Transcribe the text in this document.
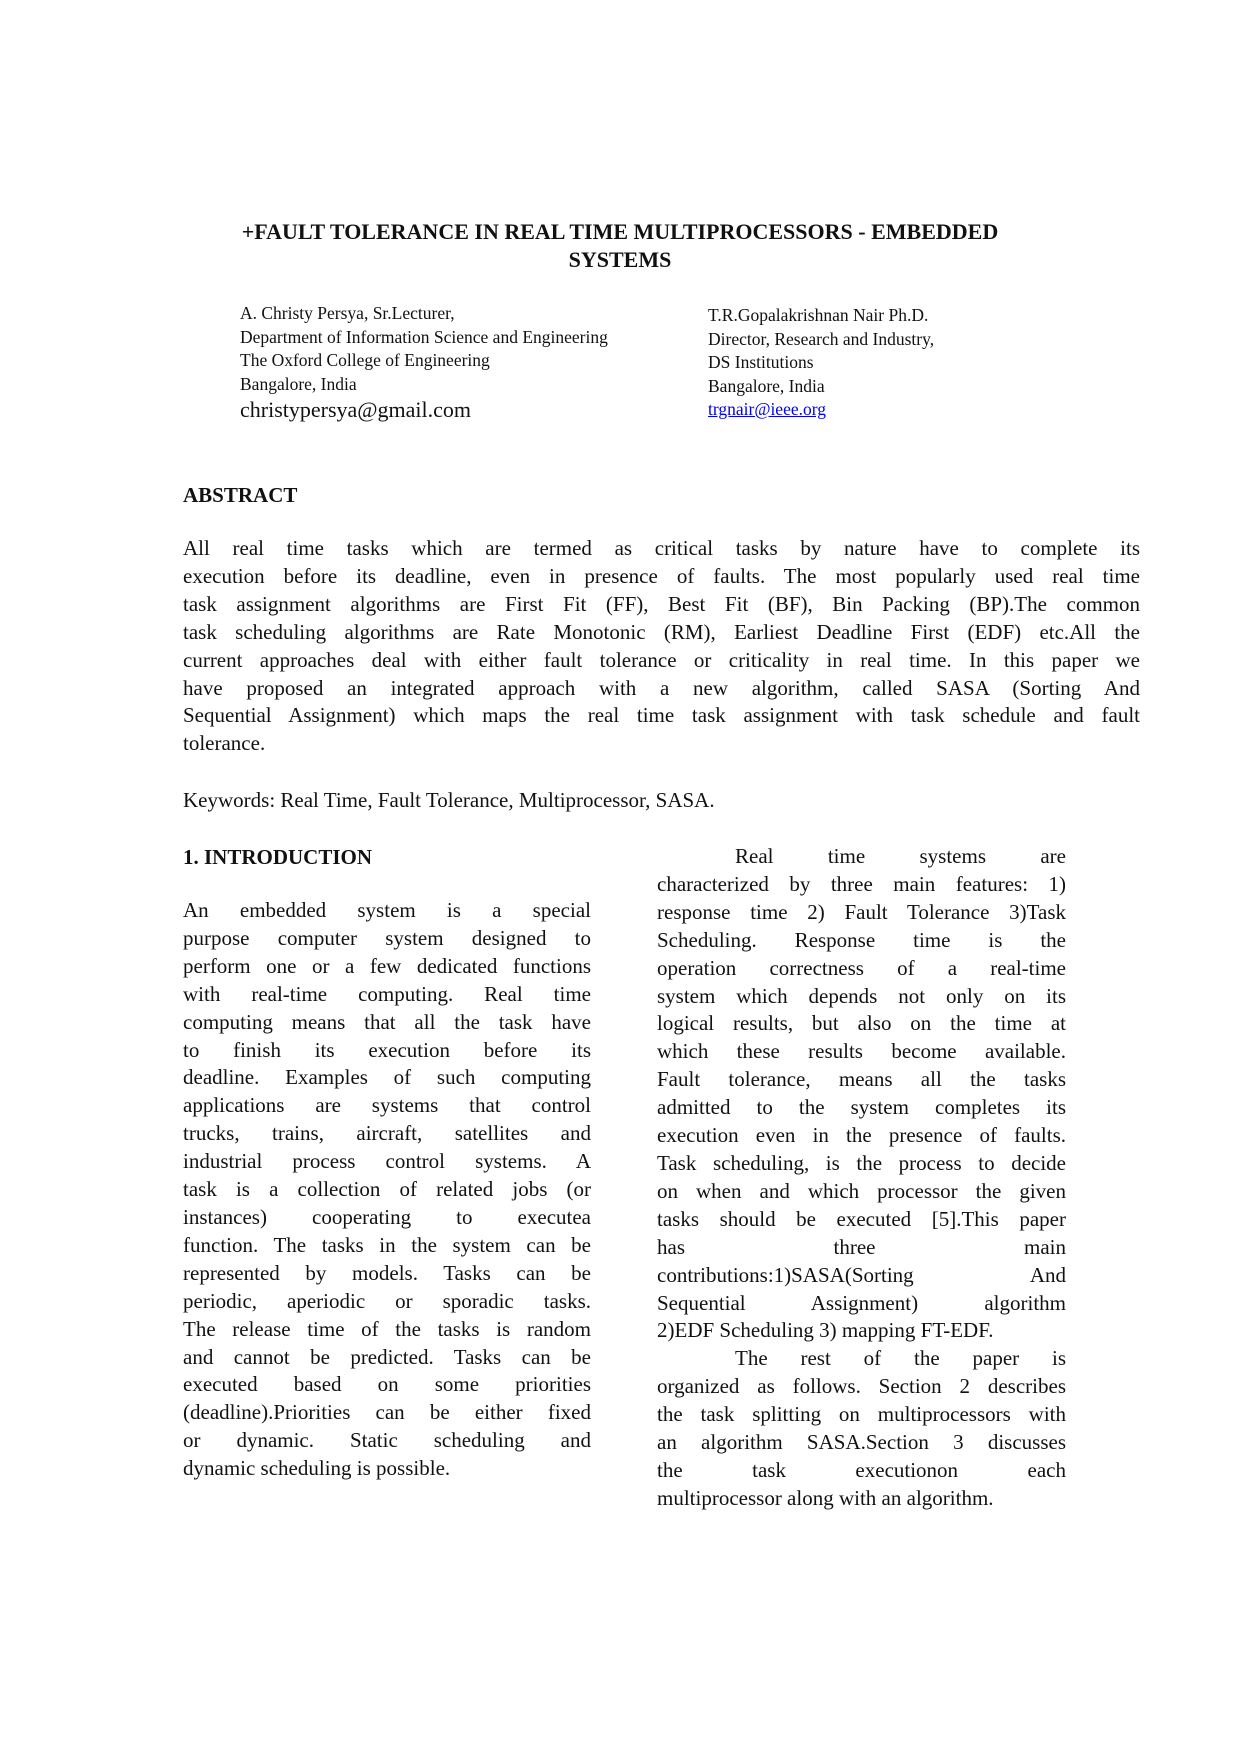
+FAULT TOLERANCE IN REAL TIME MULTIPROCESSORS - EMBEDDED
SYSTEMS
A. Christy Persya, Sr.Lecturer,
Department of Information Science and Engineering
The Oxford College of Engineering
Bangalore, India
christypersya@gmail.com
T.R.Gopalakrishnan Nair Ph.D.
Director, Research and Industry,
DS Institutions
Bangalore, India
trgnair@ieee.org
ABSTRACT
All real time tasks which are termed as critical tasks by nature have to complete its
execution before its deadline, even in presence of faults. The most popularly used real time
task assignment algorithms are First Fit (FF), Best Fit (BF), Bin Packing (BP).The common
task scheduling algorithms are Rate Monotonic (RM), Earliest Deadline First (EDF) etc.All the
current approaches deal with either fault tolerance or criticality in real time. In this paper we
have proposed an integrated approach with a new algorithm, called SASA (Sorting And
Sequential Assignment) which maps the real time task assignment with task schedule and fault
tolerance.
Keywords: Real Time, Fault Tolerance, Multiprocessor, SASA.
1. INTRODUCTION
An embedded system is a special
purpose computer system designed to
perform one or a few dedicated functions
with real-time computing. Real time
computing means that all the task have
to finish its execution before its
deadline. Examples of such computing
applications are systems that control
trucks, trains, aircraft, satellites and
industrial process control systems. A
task is a collection of related jobs (or
instances) cooperating to executea
function. The tasks in the system can be
represented by models. Tasks can be
periodic, aperiodic or sporadic tasks.
The release time of the tasks is random
and cannot be predicted. Tasks can be
executed based on some priorities
(deadline).Priorities can be either fixed
or dynamic. Static scheduling and
dynamic scheduling is possible.
Real time systems are
characterized by three main features: 1)
response time 2) Fault Tolerance 3)Task
Scheduling. Response time is the
operation correctness of a real-time
system which depends not only on its
logical results, but also on the time at
which these results become available.
Fault tolerance, means all the tasks
admitted to the system completes its
execution even in the presence of faults.
Task scheduling, is the process to decide
on when and which processor the given
tasks should be executed [5].This paper
has three main
contributions:1)SASA(Sorting And
Sequential Assignment) algorithm
2)EDF Scheduling 3) mapping FT-EDF.
The rest of the paper is
organized as follows. Section 2 describes
the task splitting on multiprocessors with
an algorithm SASA.Section 3 discusses
the task executionon each
multiprocessor along with an algorithm.
